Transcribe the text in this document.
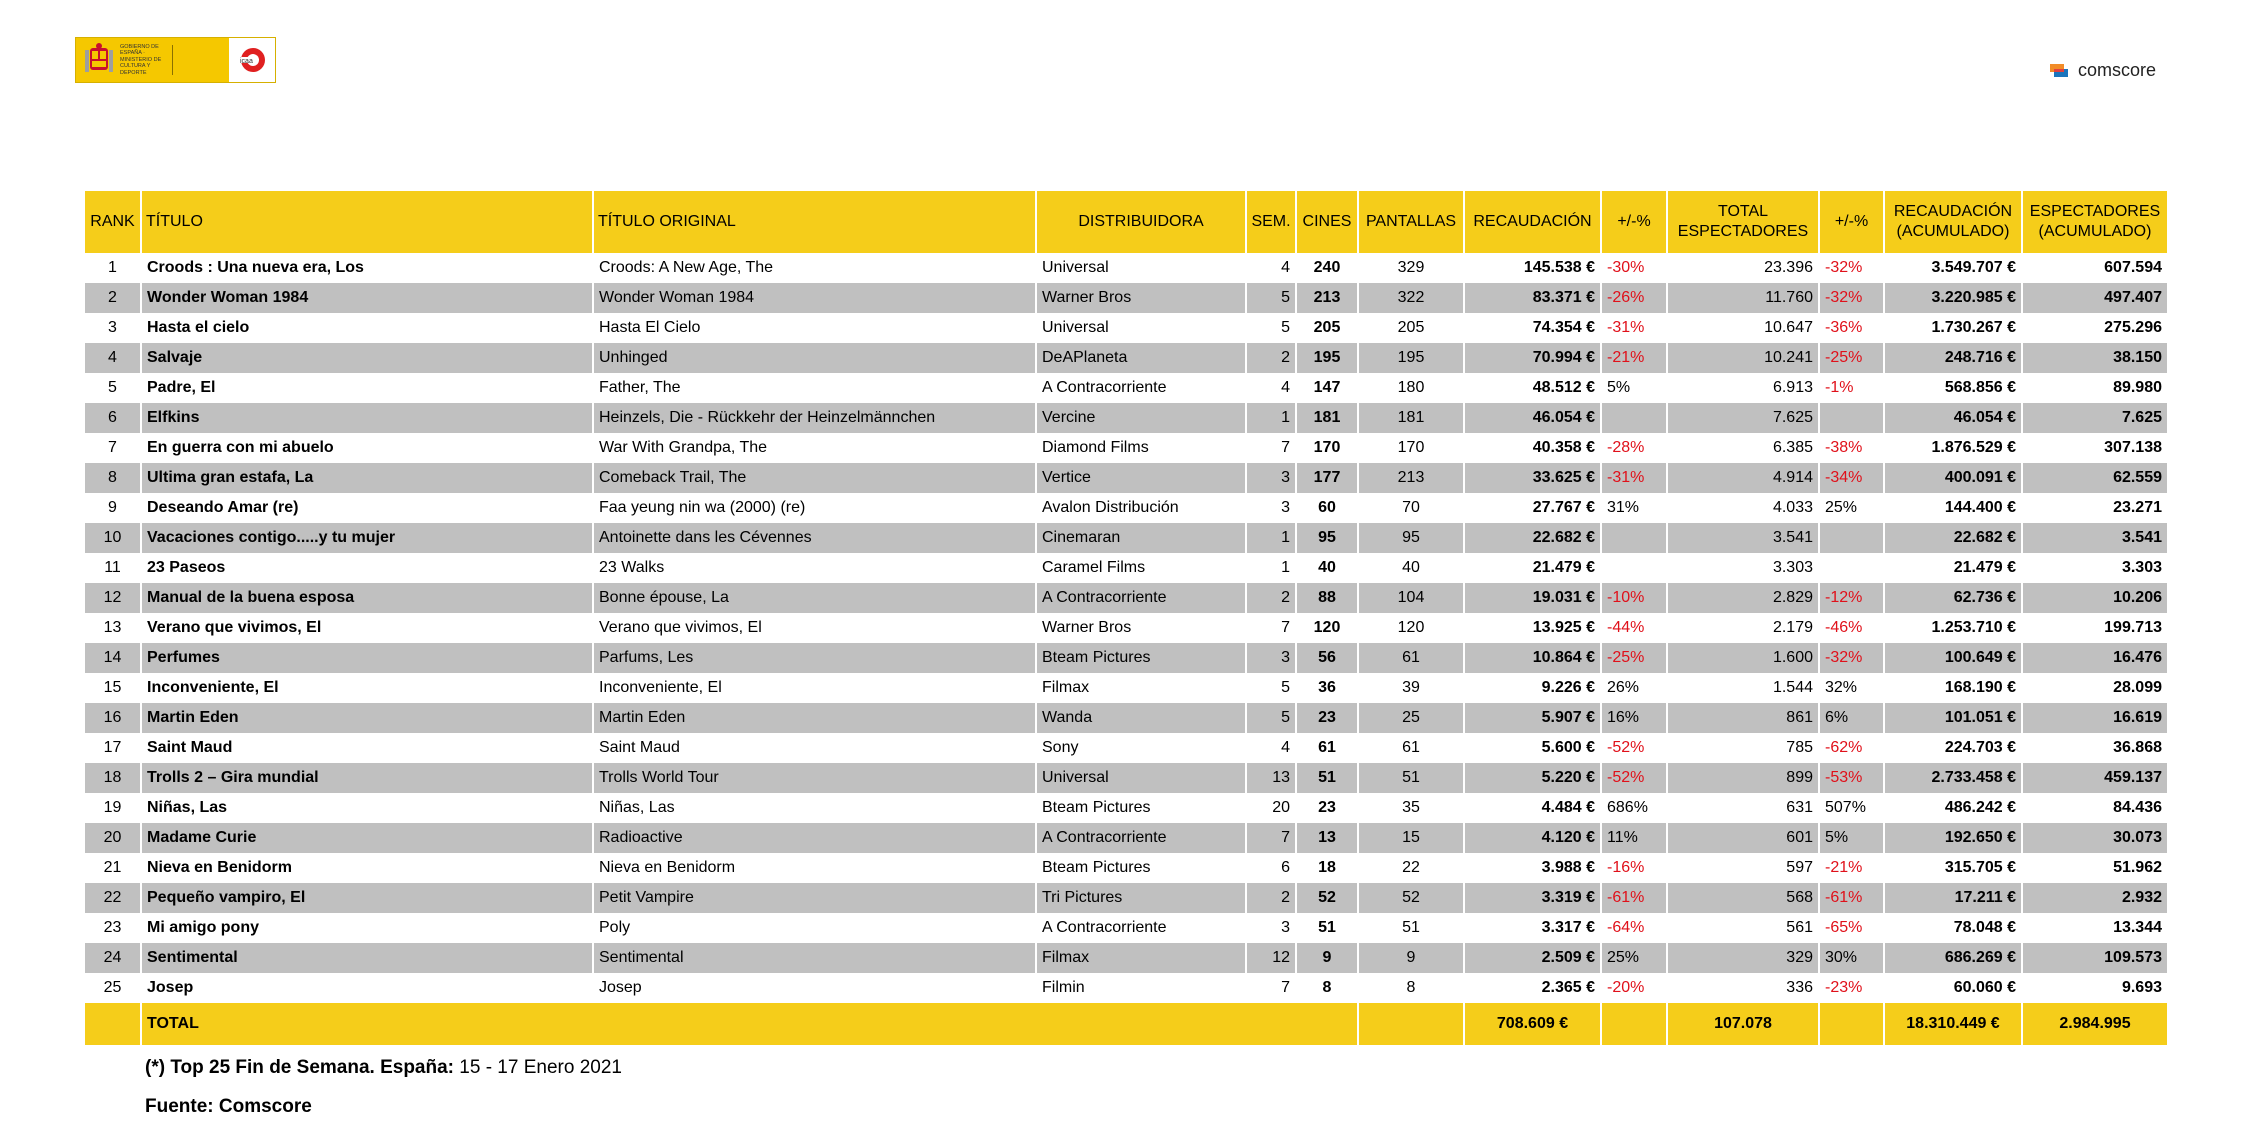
GOBIERNO DE ESPAÑA · MINISTERIO DE CULTURA Y DEPORTE
icaa	comscore
RANK	TÍTULO	TÍTULO ORIGINAL	DISTRIBUIDORA	SEM.	CINES	PANTALLAS	RECAUDACIÓN	+/-%	TOTAL ESPECTADORES	+/-%	RECAUDACIÓN (ACUMULADO)	ESPECTADORES (ACUMULADO)
1	Croods : Una nueva era, Los	Croods: A New Age, The	Universal	4	240	329	145.538 €	-30%	23.396	-32%	3.549.707 €	607.594
2	Wonder Woman 1984	Wonder Woman 1984	Warner Bros	5	213	322	83.371 €	-26%	11.760	-32%	3.220.985 €	497.407
3	Hasta el cielo	Hasta El Cielo	Universal	5	205	205	74.354 €	-31%	10.647	-36%	1.730.267 €	275.296
4	Salvaje	Unhinged	DeAPlaneta	2	195	195	70.994 €	-21%	10.241	-25%	248.716 €	38.150
5	Padre, El	Father, The	A Contracorriente	4	147	180	48.512 €	5%	6.913	-1%	568.856 €	89.980
6	Elfkins	Heinzels, Die - Rückkehr der Heinzelmännchen	Vercine	1	181	181	46.054 €		7.625		46.054 €	7.625
7	En guerra con mi abuelo	War With Grandpa, The	Diamond Films	7	170	170	40.358 €	-28%	6.385	-38%	1.876.529 €	307.138
8	Ultima gran estafa, La	Comeback Trail, The	Vertice	3	177	213	33.625 €	-31%	4.914	-34%	400.091 €	62.559
9	Deseando Amar (re)	Faa yeung nin wa (2000) (re)	Avalon Distribución	3	60	70	27.767 €	31%	4.033	25%	144.400 €	23.271
10	Vacaciones contigo.....y tu mujer	Antoinette dans les Cévennes	Cinemaran	1	95	95	22.682 €		3.541		22.682 €	3.541
11	23 Paseos	23 Walks	Caramel Films	1	40	40	21.479 €		3.303		21.479 €	3.303
12	Manual de la buena esposa	Bonne épouse, La	A Contracorriente	2	88	104	19.031 €	-10%	2.829	-12%	62.736 €	10.206
13	Verano que vivimos, El	Verano que vivimos, El	Warner Bros	7	120	120	13.925 €	-44%	2.179	-46%	1.253.710 €	199.713
14	Perfumes	Parfums, Les	Bteam Pictures	3	56	61	10.864 €	-25%	1.600	-32%	100.649 €	16.476
15	Inconveniente, El	Inconveniente, El	Filmax	5	36	39	9.226 €	26%	1.544	32%	168.190 €	28.099
16	Martin Eden	Martin Eden	Wanda	5	23	25	5.907 €	16%	861	6%	101.051 €	16.619
17	Saint Maud	Saint Maud	Sony	4	61	61	5.600 €	-52%	785	-62%	224.703 €	36.868
18	Trolls 2 – Gira mundial	Trolls World Tour	Universal	13	51	51	5.220 €	-52%	899	-53%	2.733.458 €	459.137
19	Niñas, Las	Niñas, Las	Bteam Pictures	20	23	35	4.484 €	686%	631	507%	486.242 €	84.436
20	Madame Curie	Radioactive	A Contracorriente	7	13	15	4.120 €	11%	601	5%	192.650 €	30.073
21	Nieva en Benidorm	Nieva en Benidorm	Bteam Pictures	6	18	22	3.988 €	-16%	597	-21%	315.705 €	51.962
22	Pequeño vampiro, El	Petit Vampire	Tri Pictures	2	52	52	3.319 €	-61%	568	-61%	17.211 €	2.932
23	Mi amigo pony	Poly	A Contracorriente	3	51	51	3.317 €	-64%	561	-65%	78.048 €	13.344
24	Sentimental	Sentimental	Filmax	12	9	9	2.509 €	25%	329	30%	686.269 €	109.573
25	Josep	Josep	Filmin	7	8	8	2.365 €	-20%	336	-23%	60.060 €	9.693
	TOTAL						708.609 €		107.078		18.310.449 €	2.984.995
(*) Top 25 Fin de Semana. España: 15 - 17 Enero 2021
Fuente: Comscore
